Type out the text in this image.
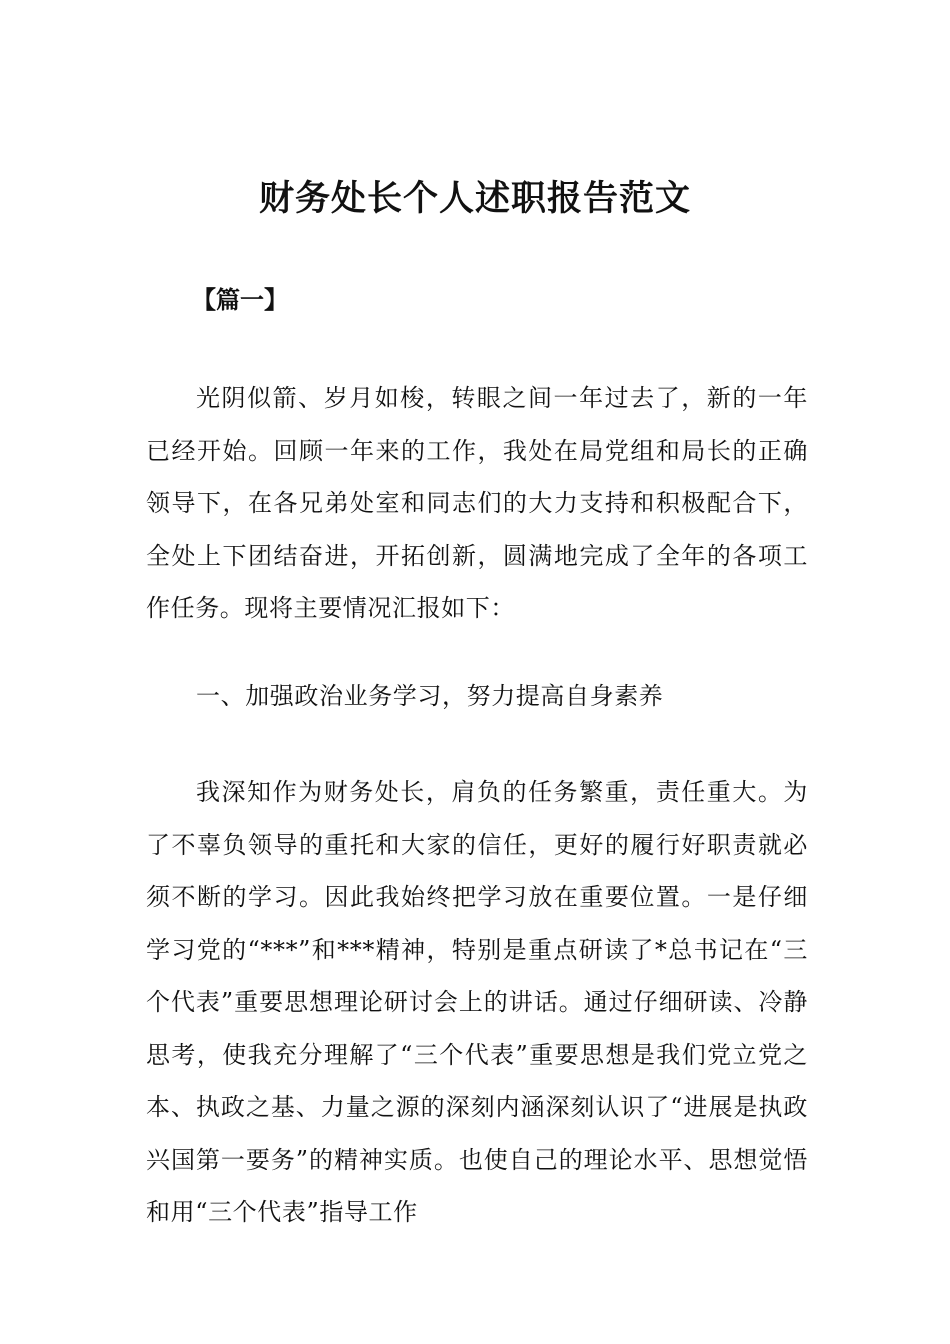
财务处长个人述职报告范文

【篇一】

光阴似箭、岁月如梭，转眼之间一年过去了，新的一年已经开始。回顾一年来的工作，我处在局党组和局长的正确领导下，在各兄弟处室和同志们的大力支持和积极配合下，全处上下团结奋进，开拓创新，圆满地完成了全年的各项工作任务。现将主要情况汇报如下：

一、加强政治业务学习，努力提高自身素养

我深知作为财务处长，肩负的任务繁重，责任重大。为了不辜负领导的重托和大家的信任，更好的履行好职责就必须不断的学习。因此我始终把学习放在重要位置。一是仔细学习党的“***”和***精神，特别是重点研读了*总书记在“三个代表”重要思想理论研讨会上的讲话。通过仔细研读、冷静思考，使我充分理解了“三个代表”重要思想是我们党立党之本、执政之基、力量之源的深刻内涵深刻认识了“进展是执政兴国第一要务”的精神实质。也使自己的理论水平、思想觉悟和用“三个代表”指导工作
